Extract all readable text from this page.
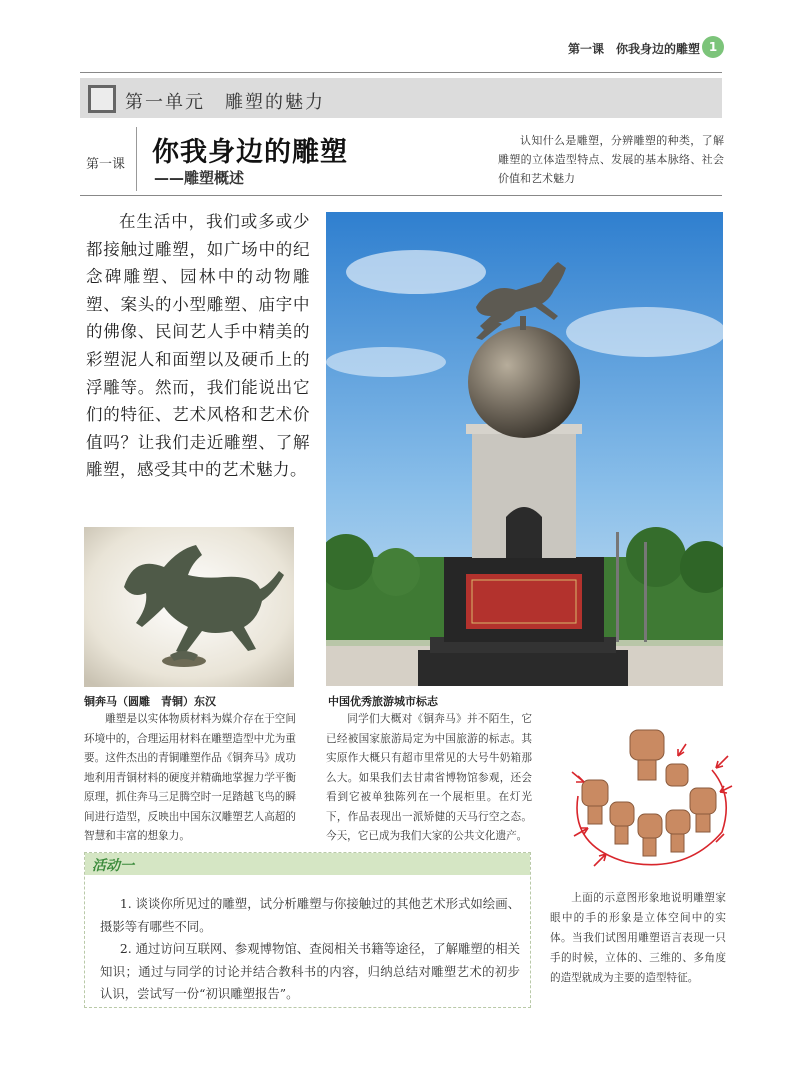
第一课　你我身边的雕塑 1
第一单元　雕塑的魅力
第一课 你我身边的雕塑
——雕塑概述
认知什么是雕塑，分辨雕塑的种类，了解雕塑的立体造型特点、发展的基本脉络、社会价值和艺术魅力
在生活中，我们或多或少都接触过雕塑，如广场中的纪念碑雕塑、园林中的动物雕塑、案头的小型雕塑、庙宇中的佛像、民间艺人手中精美的彩塑泥人和面塑以及硬币上的浮雕等。然而，我们能说出它们的特征、艺术风格和艺术价值吗？让我们走近雕塑、了解雕塑，感受其中的艺术魅力。
铜奔马（圆雕　青铜）东汉	中国优秀旅游城市标志
雕塑是以实体物质材料为媒介存在于空间环境中的，合理运用材料在雕塑造型中尤为重要。这件杰出的青铜雕塑作品《铜奔马》成功地利用青铜材料的硬度并精确地掌握力学平衡原理，抓住奔马三足腾空时一足踏越飞鸟的瞬间进行造型，反映出中国东汉雕塑艺人高超的智慧和丰富的想象力。
同学们大概对《铜奔马》并不陌生，它已经被国家旅游局定为中国旅游的标志。其实原作大概只有超市里常见的大号牛奶箱那么大。如果我们去甘肃省博物馆参观，还会看到它被单独陈列在一个展柜里。在灯光下，作品表现出一派矫健的天马行空之态。今天，它已成为我们大家的公共文化遗产。
上面的示意图形象地说明雕塑家眼中的手的形象是立体空间中的实体。当我们试图用雕塑语言表现一只手的时候，立体的、三维的、多角度的造型就成为主要的造型特征。
活动一

1. 谈谈你所见过的雕塑，试分析雕塑与你接触过的其他艺术形式如绘画、摄影等有哪些不同。

2. 通过访问互联网、参观博物馆、查阅相关书籍等途径，了解雕塑的相关知识；通过与同学的讨论并结合教科书的内容，归纳总结对雕塑艺术的初步认识，尝试写一份“初识雕塑报告”。
